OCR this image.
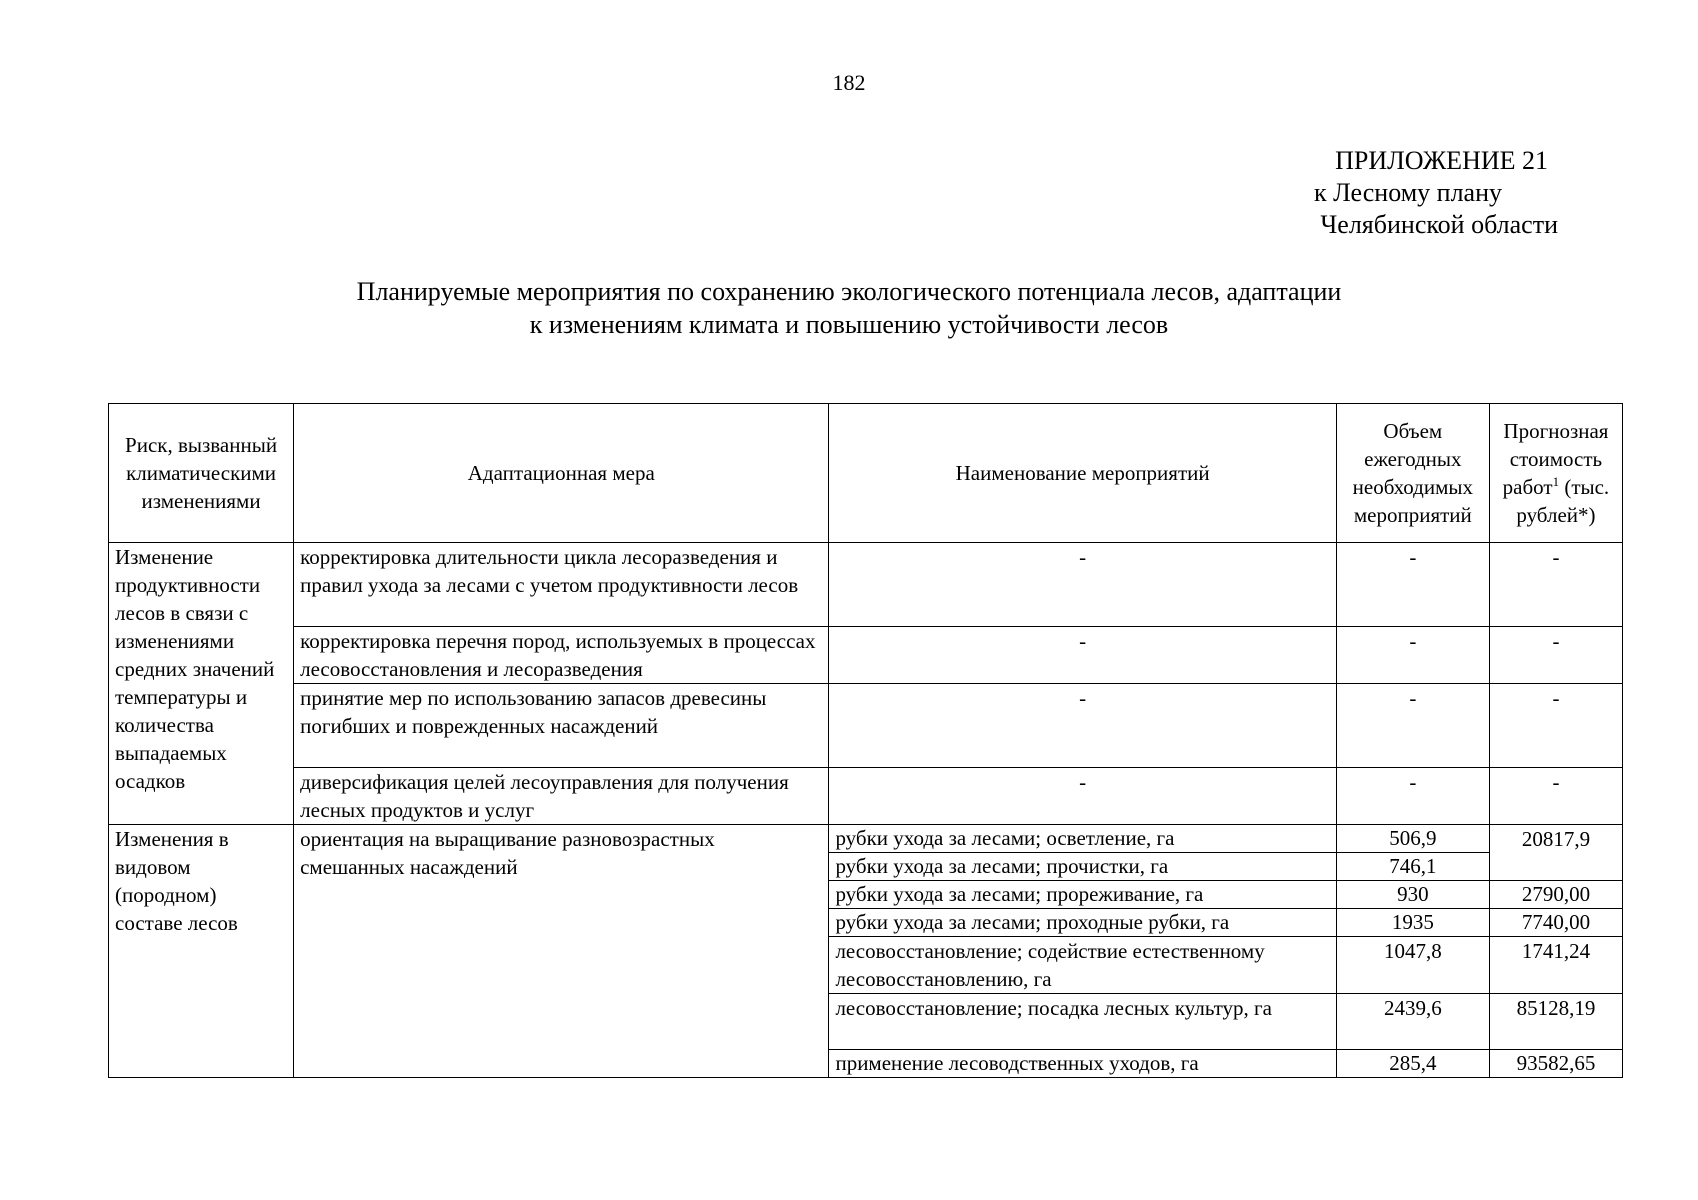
182
ПРИЛОЖЕНИЕ 21
к Лесному плану
Челябинской области
Планируемые мероприятия по сохранению экологического потенциала лесов, адаптации
к изменениям климата и повышению устойчивости лесов
Риск, вызванный климатическими изменениями	Адаптационная мера	Наименование мероприятий	Объем ежегодных необходимых мероприятий	Прогнозная стоимость работ$^1$ (тыс. рублей*)
Изменение продуктивности лесов в связи с изменениями средних значений температуры и количества выпадаемых осадков	корректировка длительности цикла лесоразведения и правил ухода за лесами с учетом продуктивности лесов	-	-	-
	корректировка перечня пород, используемых в процессах лесовосстановления и лесоразведения	-	-	-
	принятие мер по использованию запасов древесины погибших и поврежденных насаждений	-	-	-
	диверсификация целей лесоуправления для получения лесных продуктов и услуг	-	-	-
Изменения в видовом (породном) составе лесов	ориентация на выращивание разновозрастных смешанных насаждений	рубки ухода за лесами; осветление, га	506,9	20817,9
		рубки ухода за лесами; прочистки, га	746,1	
		рубки ухода за лесами; прореживание, га	930	2790,00
		рубки ухода за лесами; проходные рубки, га	1935	7740,00
		лесовосстановление; содействие естественному лесовосстановлению, га	1047,8	1741,24
		лесовосстановление; посадка лесных культур, га	2439,6	85128,19
		применение лесоводственных уходов, га	285,4	93582,65
